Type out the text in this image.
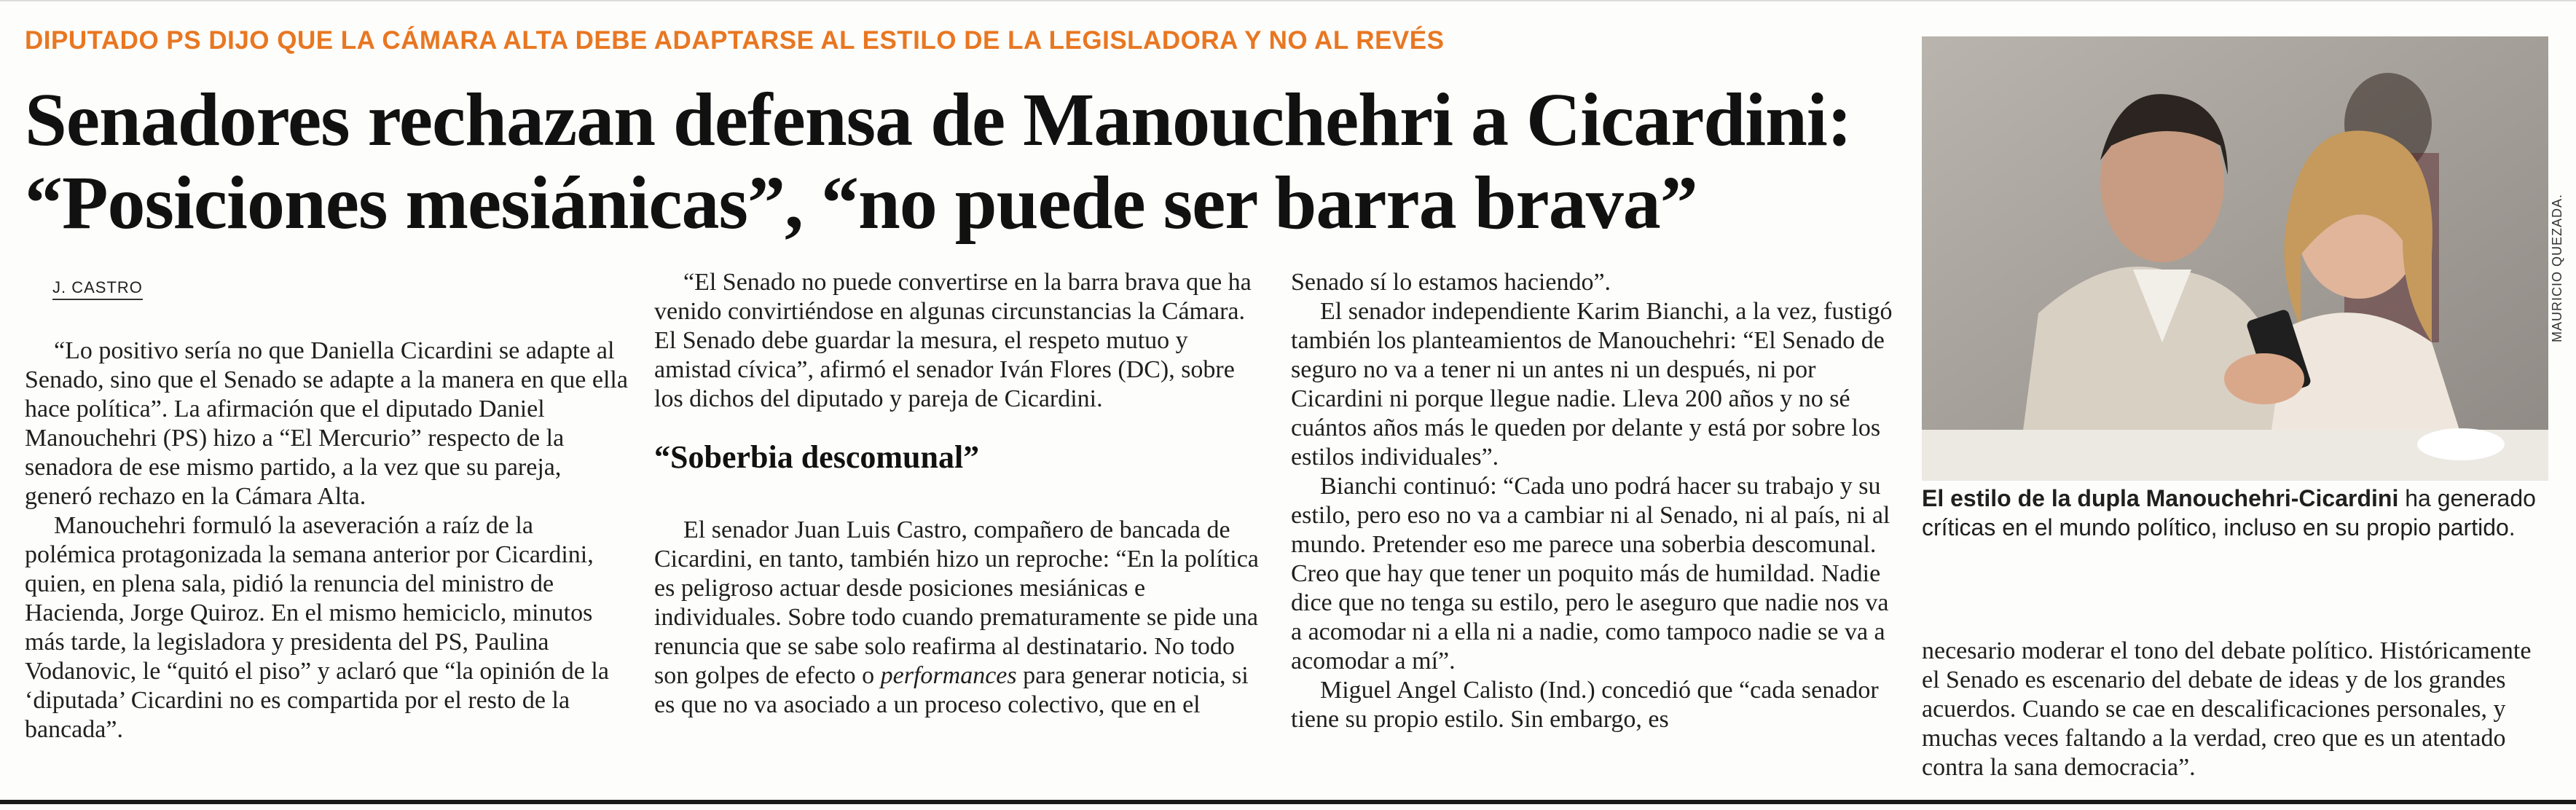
DIPUTADO PS DIJO QUE LA CÁMARA ALTA DEBE ADAPTARSE AL ESTILO DE LA LEGISLADORA Y NO AL REVÉS
Senadores rechazan defensa de Manouchehri a Cicardini:
“Posiciones mesiánicas”, “no puede ser barra brava”
J. CASTRO

“Lo positivo sería no que Daniella Cicardini se adapte al Senado, sino que el Senado se adapte a la manera en que ella hace política”. La afirmación que el diputado Daniel Manouchehri (PS) hizo a “El Mercurio” respecto de la senadora de ese mismo partido, a la vez que su pareja, generó rechazo en la Cámara Alta.

Manouchehri formuló la aseveración a raíz de la polémica protagonizada la semana anterior por Cicardini, quien, en plena sala, pidió la renuncia del ministro de Hacienda, Jorge Quiroz. En el mismo hemiciclo, minutos más tarde, la legisladora y presidenta del PS, Paulina Vodanovic, le “quitó el piso” y aclaró que “la opinión de la ‘diputada’ Cicardini no es compartida por el resto de la bancada”.

“El Senado no puede convertirse en la barra brava que ha venido convirtiéndose en algunas circunstancias la Cámara. El Senado debe guardar la mesura, el respeto mutuo y amistad cívica”, afirmó el senador Iván Flores (DC), sobre los dichos del diputado y pareja de Cicardini.

“Soberbia descomunal”

El senador Juan Luis Castro, compañero de bancada de Cicardini, en tanto, también hizo un reproche: “En la política es peligroso actuar desde posiciones mesiánicas e individuales. Sobre todo cuando prematuramente se pide una renuncia que se sabe solo reafirma al destinatario. No todo son golpes de efecto o performances para generar noticia, si es que no va asociado a un proceso colectivo, que en el

Senado sí lo estamos haciendo”.

El senador independiente Karim Bianchi, a la vez, fustigó también los planteamientos de Manouchehri: “El Senado de seguro no va a tener ni un antes ni un después, ni por Cicardini ni porque llegue nadie. Lleva 200 años y no sé cuántos años más le queden por delante y está por sobre los estilos individuales”.

Bianchi continuó: “Cada uno podrá hacer su trabajo y su estilo, pero eso no va a cambiar ni al Senado, ni al país, ni al mundo. Pretender eso me parece una soberbia descomunal. Creo que hay que tener un poquito más de humildad. Nadie dice que no tenga su estilo, pero le aseguro que nadie nos va a acomodar ni a ella ni a nadie, como tampoco nadie se va a acomodar a mí”.

Miguel Angel Calisto (Ind.) concedió que “cada senador tiene su propio estilo. Sin embargo, es

MAURICIO QUEZADA.
El estilo de la dupla Manouchehri-Cicardini ha generado críticas en el mundo político, incluso en su propio partido.

necesario moderar el tono del debate político. Históricamente el Senado es escenario del debate de ideas y de los grandes acuerdos. Cuando se cae en descalificaciones personales, y muchas veces faltando a la verdad, creo que es un atentado contra la sana democracia”.
